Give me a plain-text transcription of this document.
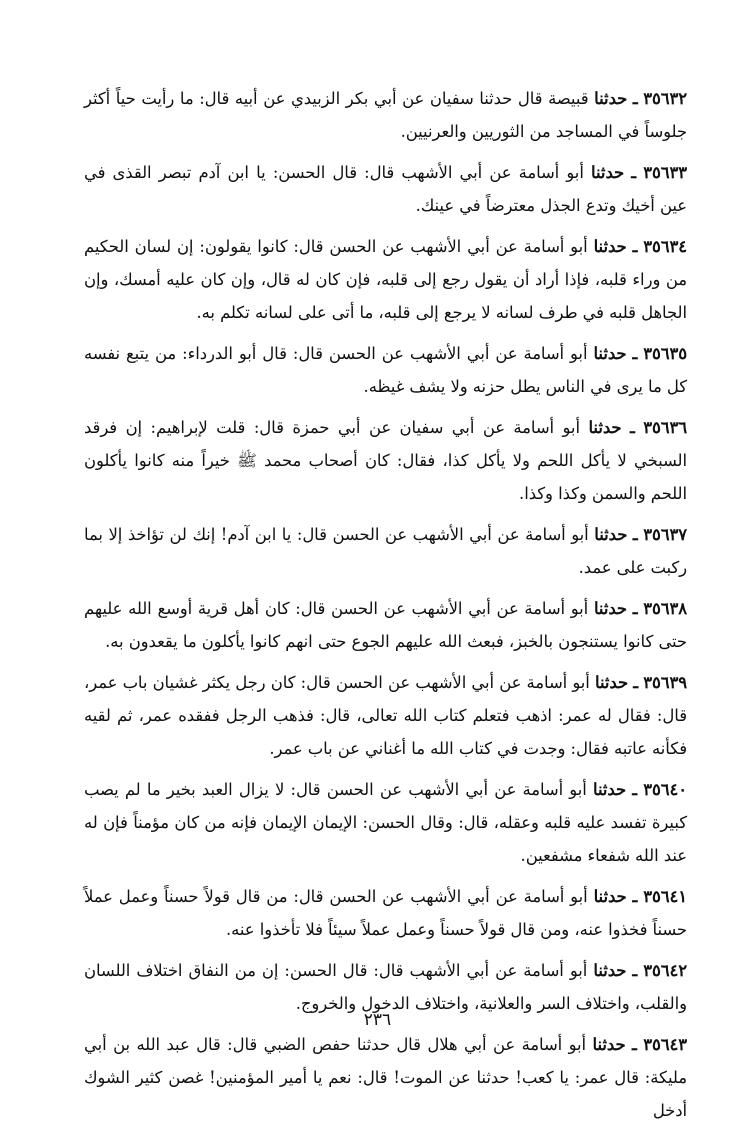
٣٥٦٣٢ ـ حدثنا قبيصة قال حدثنا سفيان عن أبي بكر الزبيدي عن أبيه قال: ما رأيت حياً أكثر جلوساً في المساجد من الثوريين والعرنيين.

٣٥٦٣٣ ـ حدثنا أبو أسامة عن أبي الأشهب قال: قال الحسن: يا ابن آدم تبصر القذى في عين أخيك وتدع الجذل معترضاً في عينك.

٣٥٦٣٤ ـ حدثنا أبو أسامة عن أبي الأشهب عن الحسن قال: كانوا يقولون: إن لسان الحكيم من وراء قلبه، فإذا أراد أن يقول رجع إلى قلبه، فإن كان له قال، وإن كان عليه أمسك، وإن الجاهل قلبه في طرف لسانه لا يرجع إلى قلبه، ما أتى على لسانه تكلم به.

٣٥٦٣٥ ـ حدثنا أبو أسامة عن أبي الأشهب عن الحسن قال: قال أبو الدرداء: من يتبع نفسه كل ما يرى في الناس يطل حزنه ولا يشف غيظه.

٣٥٦٣٦ ـ حدثنا أبو أسامة عن أبي سفيان عن أبي حمزة قال: قلت لإبراهيم: إن فرقد السبخي لا يأكل اللحم ولا يأكل كذا، فقال: كان أصحاب محمد ﷺ خيراً منه كانوا يأكلون اللحم والسمن وكذا وكذا.

٣٥٦٣٧ ـ حدثنا أبو أسامة عن أبي الأشهب عن الحسن قال: يا ابن آدم! إنك لن تؤاخذ إلا بما ركبت على عمد.

٣٥٦٣٨ ـ حدثنا أبو أسامة عن أبي الأشهب عن الحسن قال: كان أهل قرية أوسع الله عليهم حتى كانوا يستنجون بالخبز، فبعث الله عليهم الجوع حتى انهم كانوا يأكلون ما يقعدون به.

٣٥٦٣٩ ـ حدثنا أبو أسامة عن أبي الأشهب عن الحسن قال: كان رجل يكثر غشيان باب عمر، قال: فقال له عمر: اذهب فتعلم كتاب الله تعالى، قال: فذهب الرجل ففقده عمر، ثم لقيه فكأنه عاتبه فقال: وجدت في كتاب الله ما أغناني عن باب عمر.

٣٥٦٤٠ ـ حدثنا أبو أسامة عن أبي الأشهب عن الحسن قال: لا يزال العبد بخير ما لم يصب كبيرة تفسد عليه قلبه وعقله، قال: وقال الحسن: الإيمان الإيمان فإنه من كان مؤمناً فإن له عند الله شفعاء مشفعين.

٣٥٦٤١ ـ حدثنا أبو أسامة عن أبي الأشهب عن الحسن قال: من قال قولاً حسناً وعمل عملاً حسناً فخذوا عنه، ومن قال قولاً حسناً وعمل عملاً سيئاً فلا تأخذوا عنه.

٣٥٦٤٢ ـ حدثنا أبو أسامة عن أبي الأشهب قال: قال الحسن: إن من النفاق اختلاف اللسان والقلب، واختلاف السر والعلانية، واختلاف الدخول والخروج.

٣٥٦٤٣ ـ حدثنا أبو أسامة عن أبي هلال قال حدثنا حفص الضبي قال: قال عبد الله بن أبي مليكة: قال عمر: يا كعب! حدثنا عن الموت! قال: نعم يا أمير المؤمنين! غصن كثير الشوك أدخل

٢٣٦
